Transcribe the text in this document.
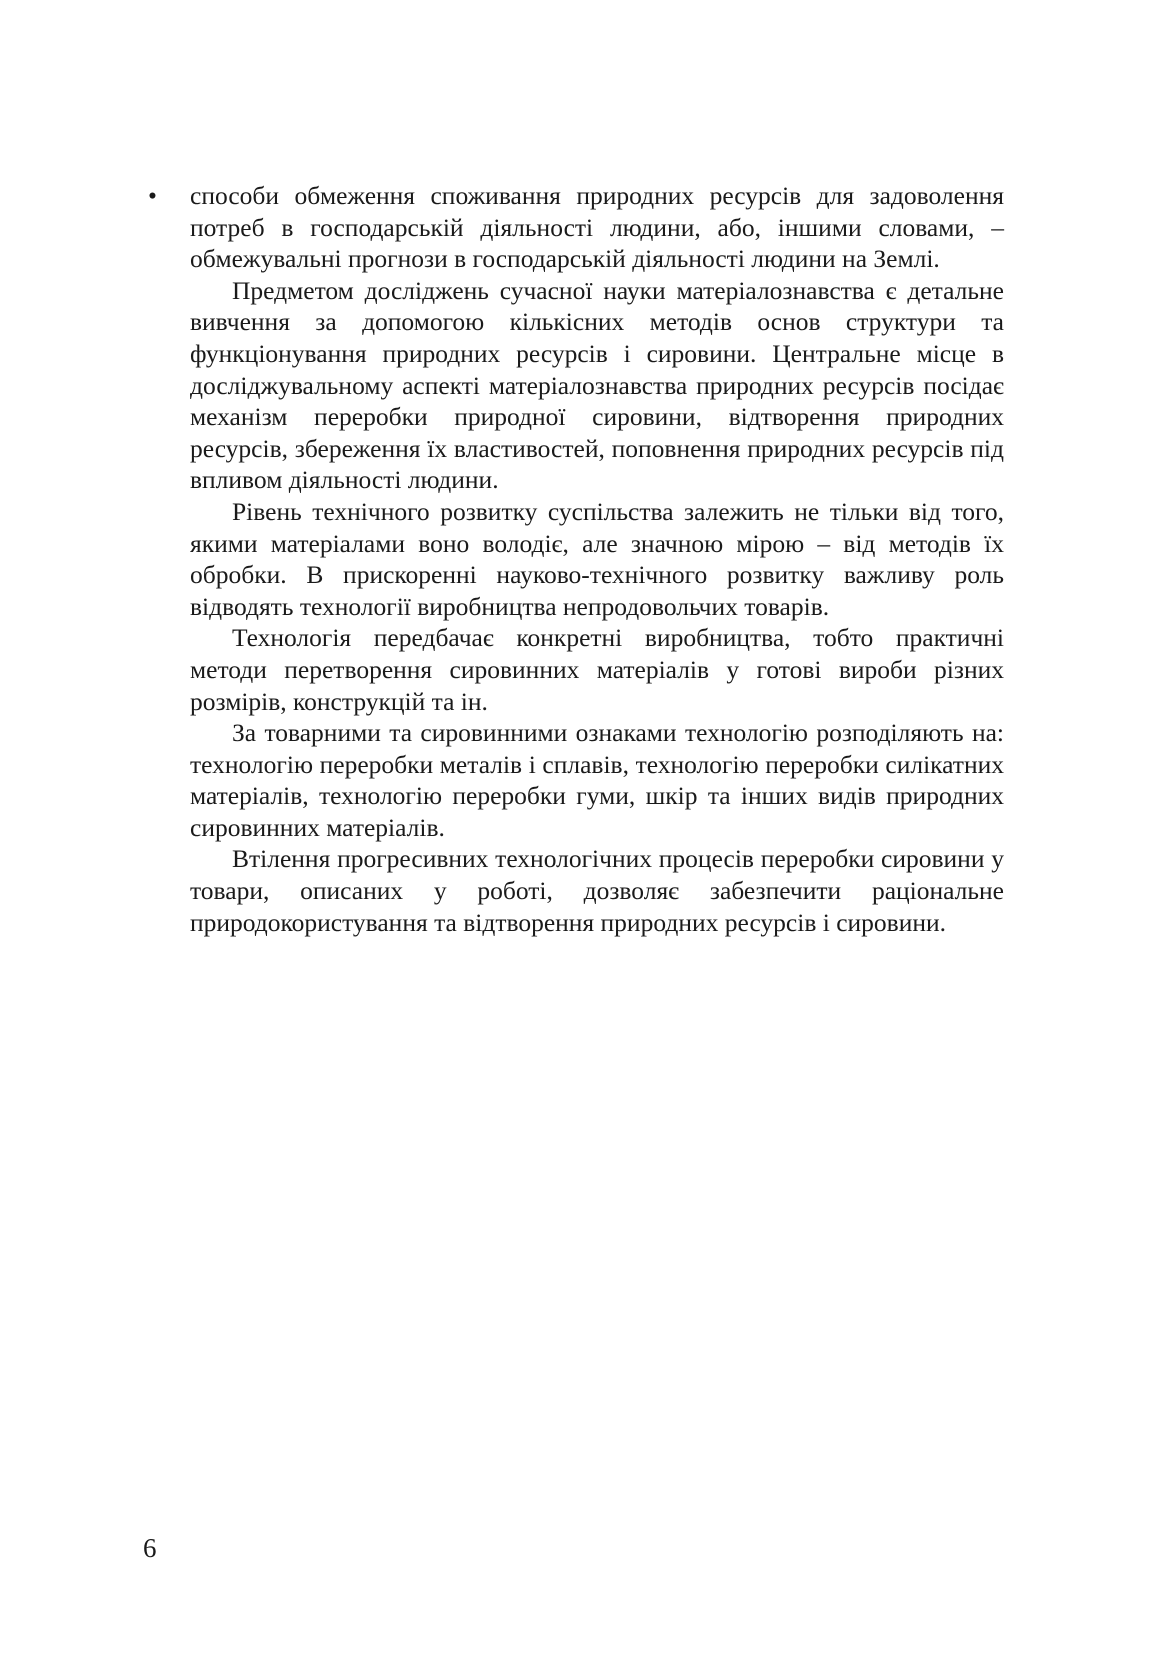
•	способи обмеження споживання природних ресурсів для задоволення потреб в господарській діяльності людини, або, іншими словами, – обмежувальні прогнози в господарській діяльності людини на Землі.

Предметом досліджень сучасної науки матеріалознавства є детальне вивчення за допомогою кількісних методів основ структури та функціонування природних ресурсів і сировини. Центральне місце в досліджувальному аспекті матеріалознавства природних ресурсів посідає механізм переробки природної сировини, відтворення природних ресурсів, збереження їх властивостей, поповнення природних ресурсів під впливом діяльності людини.

Рівень технічного розвитку суспільства залежить не тільки від того, якими матеріалами воно володіє, але значною мірою – від методів їх обробки. В прискоренні науково-технічного розвитку важливу роль відводять технології виробництва непродовольчих товарів.

Технологія передбачає конкретні виробництва, тобто практичні методи перетворення сировинних матеріалів у готові вироби різних розмірів, конструкцій та ін.

За товарними та сировинними ознаками технологію розподіляють на: технологію переробки металів і сплавів, технологію переробки силікатних матеріалів, технологію переробки гуми, шкір та інших видів природних сировинних матеріалів.

Втілення прогресивних технологічних процесів переробки сировини у товари, описаних у роботі, дозволяє забезпечити раціональне природокористування та відтворення природних ресурсів і сировини.

6
